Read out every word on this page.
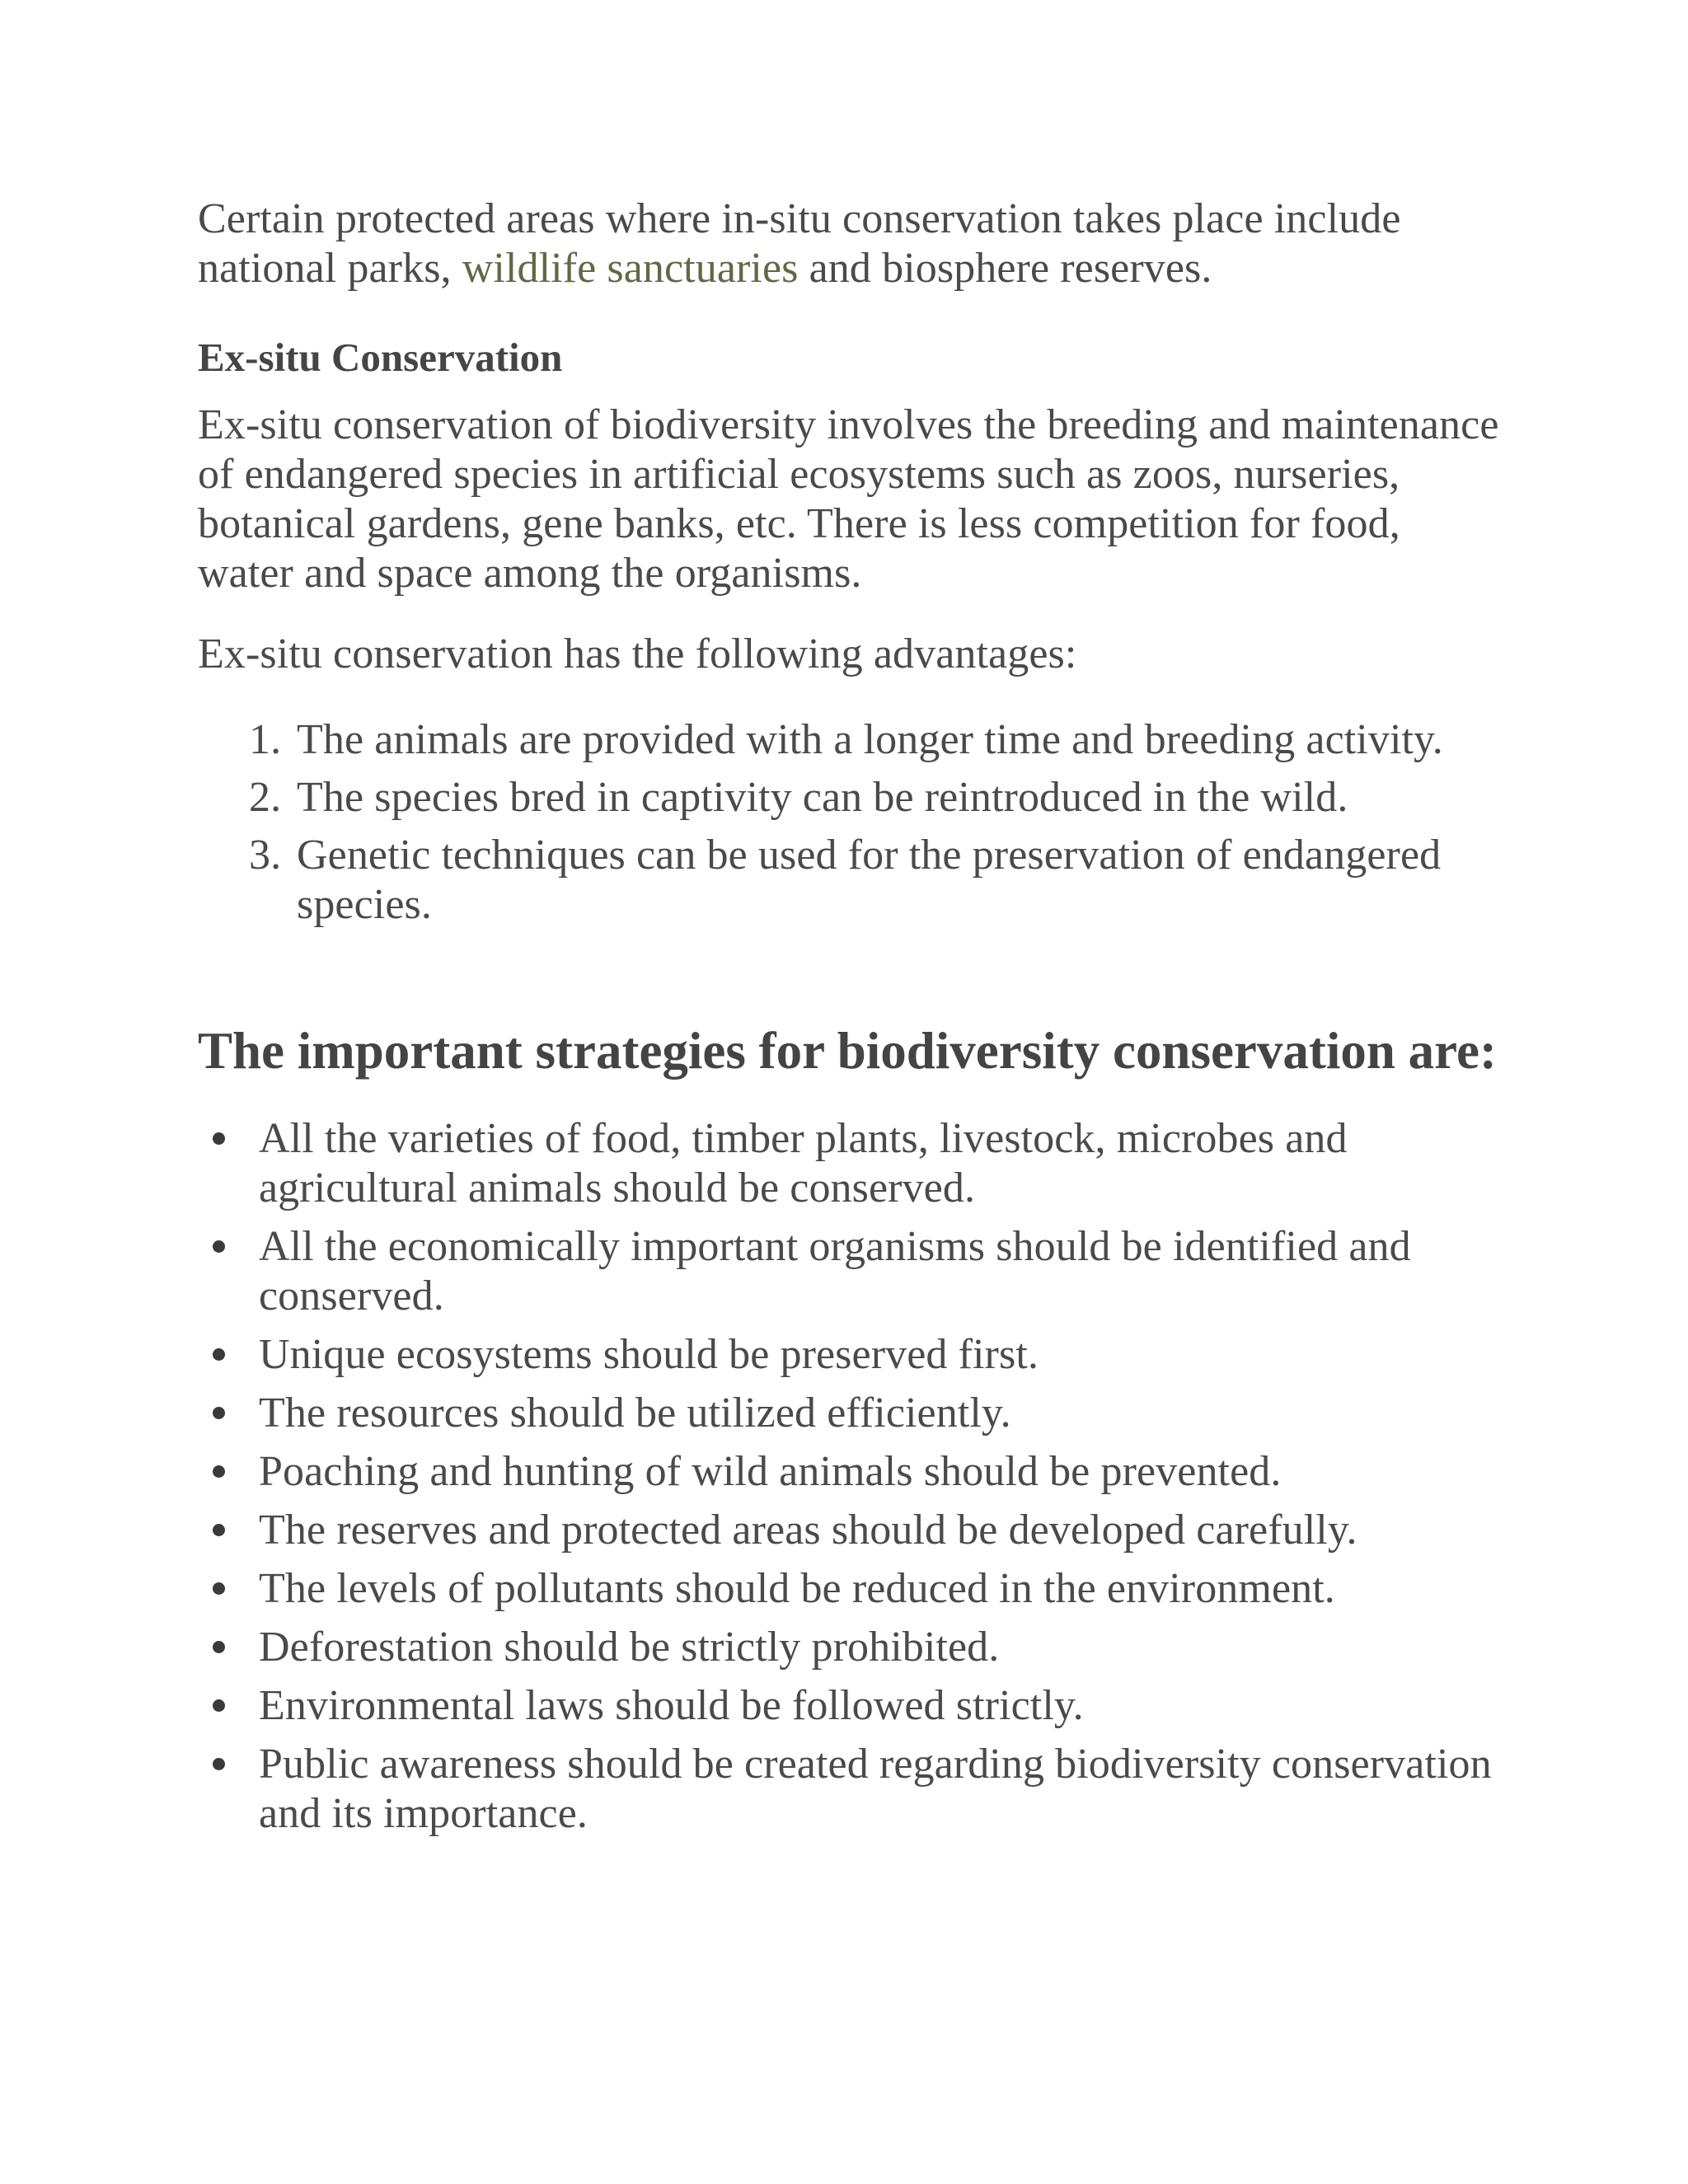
Certain protected areas where in-situ conservation takes place include national parks, wildlife sanctuaries and biosphere reserves.

Ex-situ Conservation

Ex-situ conservation of biodiversity involves the breeding and maintenance of endangered species in artificial ecosystems such as zoos, nurseries, botanical gardens, gene banks, etc. There is less competition for food, water and space among the organisms.

Ex-situ conservation has the following advantages:

1. The animals are provided with a longer time and breeding activity.
2. The species bred in captivity can be reintroduced in the wild.
3. Genetic techniques can be used for the preservation of endangered species.
The important strategies for biodiversity conservation are:
All the varieties of food, timber plants, livestock, microbes and agricultural animals should be conserved.
All the economically important organisms should be identified and conserved.
Unique ecosystems should be preserved first.
The resources should be utilized efficiently.
Poaching and hunting of wild animals should be prevented.
The reserves and protected areas should be developed carefully.
The levels of pollutants should be reduced in the environment.
Deforestation should be strictly prohibited.
Environmental laws should be followed strictly.
Public awareness should be created regarding biodiversity conservation and its importance.
